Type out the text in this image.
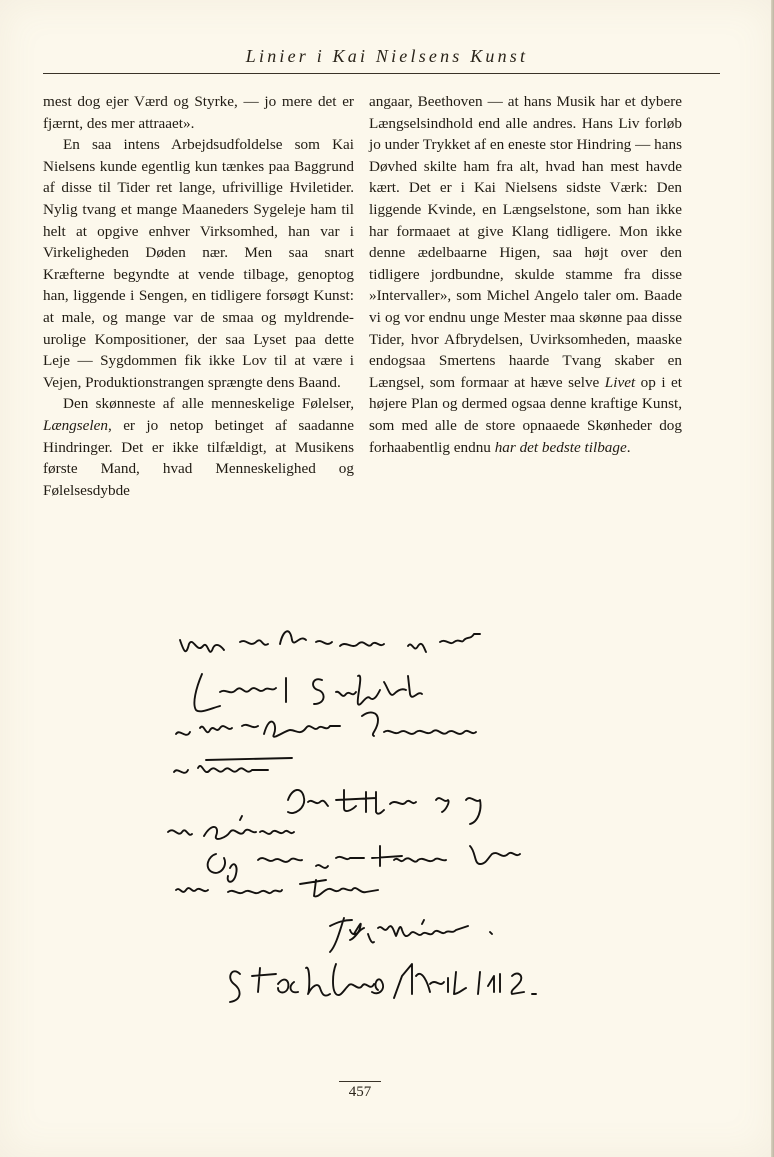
Linier i Kai Nielsens Kunst

mest dog ejer Værd og Styrke, — jo mere det er fjærnt, des mer attraaet».

En saa intens Arbejdsudfoldelse som Kai Nielsens kunde egentlig kun tænkes paa Baggrund af disse til Tider ret lange, ufrivillige Hviletider. Nylig tvang et mange Maaneders Sygeleje ham til helt at opgive enhver Virksomhed, han var i Virkeligheden Døden nær. Men saa snart Kræfterne begyndte at vende tilbage, genoptog han, liggende i Sengen, en tidligere forsøgt Kunst: at male, og mange var de smaa og myldrende-urolige Kompositioner, der saa Lyset paa dette Leje — Sygdommen fik ikke Lov til at være i Vejen, Produktionstrangen sprængte dens Baand.

Den skønneste af alle menneskelige Følelser, Længselen, er jo netop betinget af saadanne Hindringer. Det er ikke tilfældigt, at Musikens første Mand, hvad Menneskelighed og Følelsesdybde

angaar, Beethoven — at hans Musik har et dybere Længselsindhold end alle andres. Hans Liv forløb jo under Trykket af en eneste stor Hindring — hans Døvhed skilte ham fra alt, hvad han mest havde kært. Det er i Kai Nielsens sidste Værk: Den liggende Kvinde, en Længselstone, som han ikke har formaaet at give Klang tidligere. Mon ikke denne ædelbaarne Higen, saa højt over den tidligere jordbundne, skulde stamme fra disse »Intervaller», som Michel Angelo taler om. Baade vi og vor endnu unge Mester maa skønne paa disse Tider, hvor Afbrydelsen, Uvirksomheden, maaske endogsaa Smertens haarde Tvang skaber en Længsel, som formaar at hæve selve Livet op i et højere Plan og dermed ogsaa denne kraftige Kunst, som med alle de store opnaaede Skønheder dog forhaabentlig endnu har det bedste tilbage.

457
